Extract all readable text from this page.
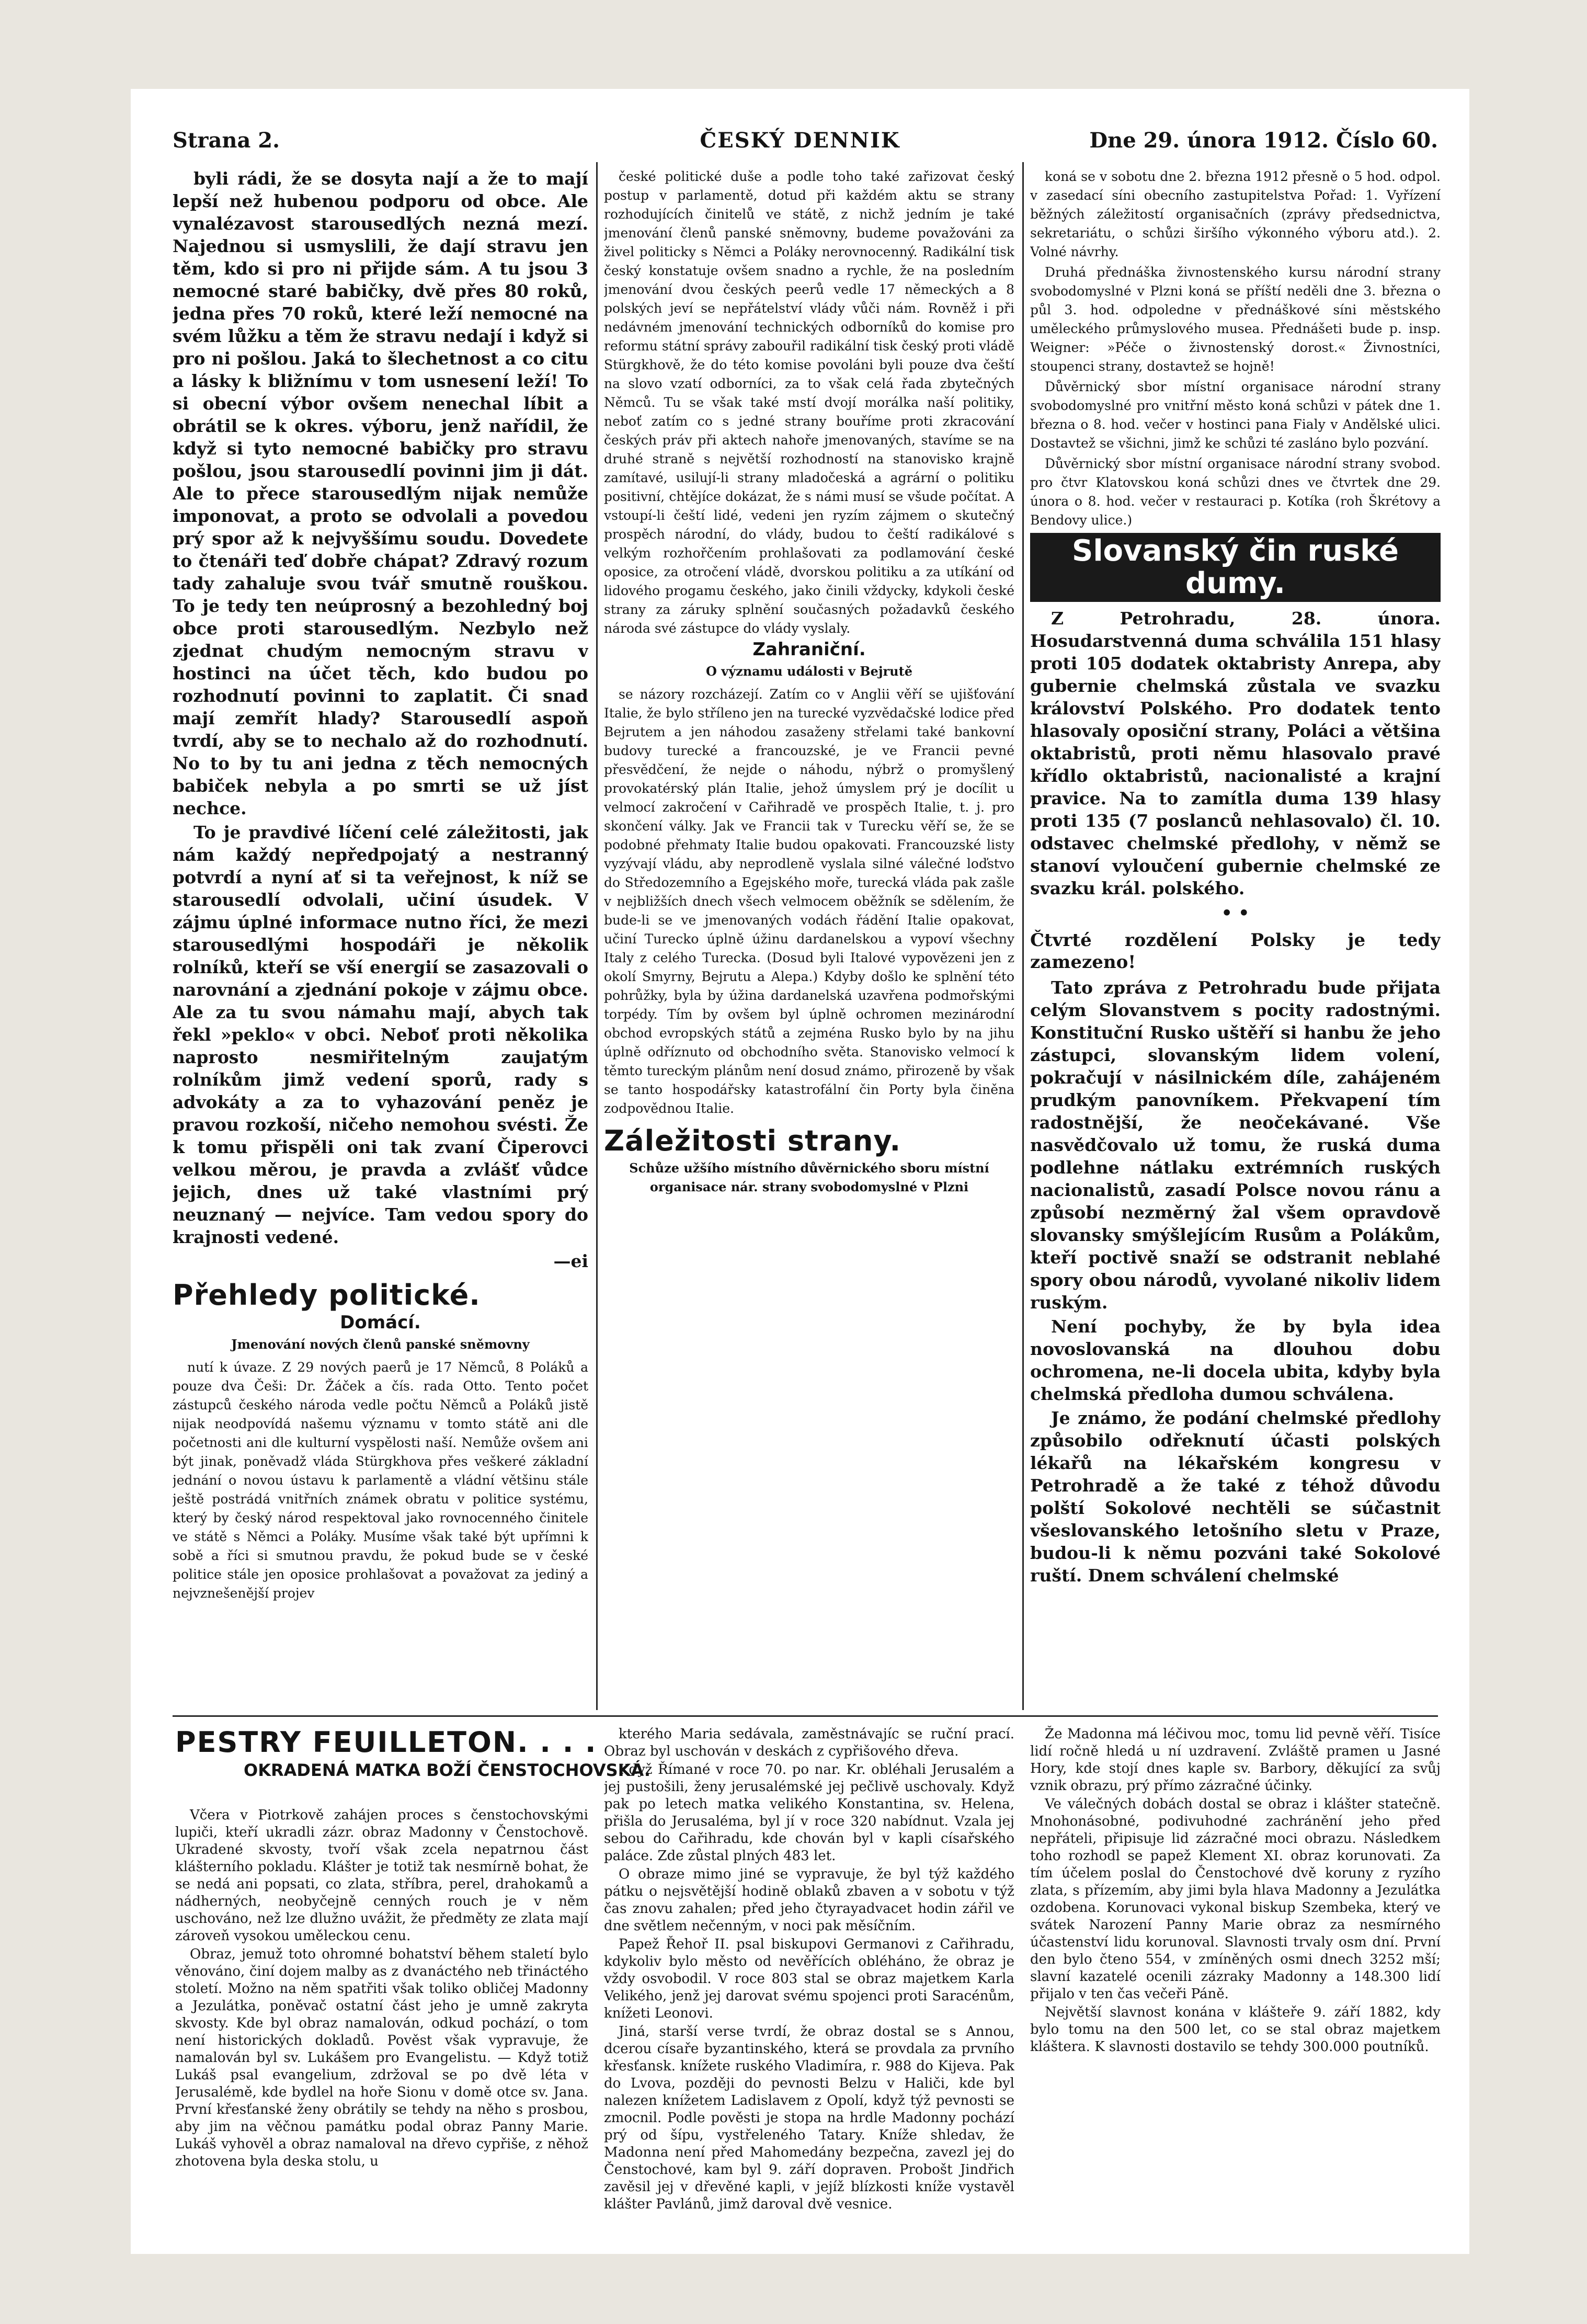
Strana 2.	ČESKÝ DENNIK	Dne 29. února 1912. Číslo 60.

byli rádi, že se dosyta nají a že to mají lepší než hubenou podporu od obce. Ale vynalézavost starousedlých nezná mezí. Najednou si usmyslili, že dají stravu jen těm, kdo si pro ni přijde sám. A tu jsou 3 nemocné staré babičky, dvě přes 80 roků, jedna přes 70 roků, které leží nemocné na svém lůžku a těm že stravu nedají i když si pro ni pošlou. Jaká to šlechetnost a co citu a lásky k bližnímu v tom usnesení leží! To si obecní výbor ovšem nenechal líbit a obrátil se k okres. výboru, jenž nařídil, že když si tyto nemocné babičky pro stravu pošlou, jsou starousedlí povinni jim ji dát. Ale to přece starousedlým nijak nemůže imponovat, a proto se odvolali a povedou prý spor až k nejvyššímu soudu. Dovedete to čtenáři teď dobře chápat? Zdravý rozum tady zahaluje svou tvář smutně rouškou. To je tedy ten neúprosný a bezohledný boj obce proti starousedlým. Nezbylo než zjednat chudým nemocným stravu v hostinci na účet těch, kdo budou po rozhodnutí povinni to zaplatit. Či snad mají zemřít hlady? Starousedlí aspoň tvrdí, aby se to nechalo až do rozhodnutí. No to by tu ani jedna z těch nemocných babiček nebyla a po smrti se už jíst nechce.

To je pravdivé líčení celé záležitosti, jak nám každý nepředpojatý a nestranný potvrdí a nyní ať si ta veřejnost, k níž se starousedlí odvolali, učiní úsudek. V zájmu úplné informace nutno říci, že mezi starousedlými hospodáři je několik rolníků, kteří se vší energií se zasazovali o narovnání a zjednání pokoje v zájmu obce. Ale za tu svou námahu mají, abych tak řekl »peklo« v obci. Neboť proti několika naprosto nesmiřitelným zaujatým rolníkům jimž vedení sporů, rady s advokáty a za to vyhazování peněz je pravou rozkoší, ničeho nemohou svésti. Že k tomu přispěli oni tak zvaní Čiperovci velkou měrou, je pravda a zvlášť vůdce jejich, dnes už také vlastními prý neuznaný — nejvíce. Tam vedou spory do krajnosti vedené.

—ei
Přehledy politické.
Domácí.
Jmenování nových členů panské sněmovny

nutí k úvaze. Z 29 nových paerů je 17 Němců, 8 Poláků a pouze dva Češi: Dr. Žáček a čís. rada Otto. Tento počet zástupců českého národa vedle počtu Němců a Poláků jistě nijak neodpovídá našemu významu v tomto státě ani dle početnosti ani dle kulturní vyspělosti naší. Nemůže ovšem ani být jinak, poněvadž vláda Stürgkhova přes veškeré základní jednání o novou ústavu k parlamentě a vládní většinu stále ještě postrádá vnitřních známek obratu v politice systému, který by český národ respektoval jako rovnocenného činitele ve státě s Němci a Poláky. Musíme však také být upřímni k sobě a říci si smutnou pravdu, že pokud bude se v české politice stále jen oposice prohlašovat a považovat za jediný a nejvznešenější projev

české politické duše a podle toho také zařizovat český postup v parlamentě, dotud při každém aktu se strany rozhodujících činitelů ve státě, z nichž jedním je také jmenování členů panské sněmovny, budeme považováni za živel politicky s Němci a Poláky nerovnocenný. Radikální tisk český konstatuje ovšem snadno a rychle, že na posledním jmenování dvou českých peerů vedle 17 německých a 8 polských jeví se nepřátelství vlády vůči nám. Rovněž i při nedávném jmenování technických odborníků do komise pro reformu státní správy zabouřil radikální tisk český proti vládě Stürgkhově, že do této komise povoláni byli pouze dva čeští na slovo vzatí odborníci, za to však celá řada zbytečných Němců. Tu se však také mstí dvojí morálka naší politiky, neboť zatím co s jedné strany bouříme proti zkracování českých práv při aktech nahoře jmenovaných, stavíme se na druhé straně s největší rozhodností na stanovisko krajně zamítavé, usilují-li strany mladočeská a agrární o politiku positivní, chtějíce dokázat, že s námi musí se všude počítat. A vstoupí-li čeští lidé, vedeni jen ryzím zájmem o skutečný prospěch národní, do vlády, budou to čeští radikálové s velkým rozhořčením prohlašovati za podlamování české oposice, za otročení vládě, dvorskou politiku a za utíkání od lidového progamu českého, jako činili vždycky, kdykoli české strany za záruky splnění současných požadavků českého národa své zástupce do vlády vyslaly.

Zahraniční.
O významu události v Bejrutě

se názory rozcházejí. Zatím co v Anglii věří se ujišťování Italie, že bylo stříleno jen na turecké vyzvědačské lodice před Bejrutem a jen náhodou zasaženy střelami také bankovní budovy turecké a francouzské, je ve Francii pevné přesvědčení, že nejde o náhodu, nýbrž o promyšlený provokatérský plán Italie, jehož úmyslem prý je docílit u velmocí zakročení v Cařihradě ve prospěch Italie, t. j. pro skončení války. Jak ve Francii tak v Turecku věří se, že se podobné přehmaty Italie budou opakovati. Francouzské listy vyzývají vládu, aby neprodleně vyslala silné válečné loďstvo do Středozemního a Egejského moře, turecká vláda pak zašle v nejbližších dnech všech velmocem oběžník se sdělením, že bude-li se ve jmenovaných vodách řádění Italie opakovat, učiní Turecko úplně úžinu dardanelskou a vypoví všechny Italy z celého Turecka. (Dosud byli Italové vypovězeni jen z okolí Smyrny, Bejrutu a Alepa.) Kdyby došlo ke splnění této pohrůžky, byla by úžina dardanelská uzavřena podmořskými torpédy. Tím by ovšem byl úplně ochromen mezinárodní obchod evropských států a zejména Rusko bylo by na jihu úplně odříznuto od obchodního světa. Stanovisko velmocí k těmto tureckým plánům není dosud známo, přirozeně by však se tanto hospodářsky katastrofální čin Porty byla činěna zodpovědnou Italie.

Záležitosti strany.
Schůze užšího místního důvěrnického sboru místní organisace nár. strany svobodomyslné v Plzni

koná se v sobotu dne 2. března 1912 přesně o 5 hod. odpol. v zasedací síni obecního zastupitelstva Pořad: 1. Vyřízení běžných záležitostí organisačních (zprávy předsednictva, sekretariátu, o schůzi širšího výkonného výboru atd.). 2. Volné návrhy.

Druhá přednáška živnostenského kursu národní strany svobodomyslné v Plzni koná se příští neděli dne 3. března o půl 3. hod. odpoledne v přednáškové síni městského uměleckého průmyslového musea. Přednášeti bude p. insp. Weigner: »Péče o živnostenský dorost.« Živnostníci, stoupenci strany, dostavtež se hojně!

Důvěrnický sbor místní organisace národní strany svobodomyslné pro vnitřní město koná schůzi v pátek dne 1. března o 8. hod. večer v hostinci pana Fialy v Andělské ulici. Dostavtež se všichni, jimž ke schůzi té zasláno bylo pozvání.

Důvěrnický sbor místní organisace národní strany svobod. pro čtvr Klatovskou koná schůzi dnes ve čtvrtek dne 29. února o 8. hod. večer v restauraci p. Kotíka (roh Škrétovy a Bendovy ulice.)

Slovanský čin ruské dumy.

Z Petrohradu, 28. února. Hosudarstvenná duma schválila 151 hlasy proti 105 dodatek oktabristy Anrepa, aby gubernie chelmská zůstala ve svazku království Polského. Pro dodatek tento hlasovaly oposiční strany, Poláci a většina oktabristů, proti němu hlasovalo pravé křídlo oktabristů, nacionalisté a krajní pravice. Na to zamítla duma 139 hlasy proti 135 (7 poslanců nehlasovalo) čl. 10. odstavec chelmské předlohy, v němž se stanoví vyloučení gubernie chelmské ze svazku král. polského.

• •
Čtvrté rozdělení Polsky je tedy zamezeno!

Tato zpráva z Petrohradu bude přijata celým Slovanstvem s pocity radostnými. Konstituční Rusko uštěří si hanbu že jeho zástupci, slovanským lidem volení, pokračují v násilnickém díle, zahájeném prudkým panovníkem. Překvapení tím radostnější, že neočekávané. Vše nasvědčovalo už tomu, že ruská duma podlehne nátlaku extrémních ruských nacionalistů, zasadí Polsce novou ránu a způsobí nezměrný žal všem opravdově slovansky smýšlejícím Rusům a Polákům, kteří poctivě snaží se odstranit neblahé spory obou národů, vyvolané nikoliv lidem ruským.

Není pochyby, že by byla idea novoslovanská na dlouhou dobu ochromena, ne-li docela ubita, kdyby byla chelmská předloha dumou schválena.

Je známo, že podání chelmské předlohy způsobilo odřeknutí účasti polských lékařů na lékařském kongresu v Petrohradě a že také z téhož důvodu polští Sokolové nechtěli se súčastnit všeslovanského letošního sletu v Praze, budou-li k němu pozváni také Sokolové ruští. Dnem schválení chelmské

PESTRY FEUILLETON. . . .
OKRADENÁ MATKA BOŽÍ ČENSTOCHOVSKÁ.

Včera v Piotrkově zahájen proces s čenstochovskými lupiči, kteří ukradli zázr. obraz Madonny v Čenstochově. Ukradené skvosty, tvoří však zcela nepatrnou část klášterního pokladu. Klášter je totiž tak nesmírně bohat, že se nedá ani popsati, co zlata, stříbra, perel, drahokamů a nádherných, neobyčejně cenných rouch je v něm uschováno, než lze dlužno uvážit, že předměty ze zlata mají zároveň vysokou uměleckou cenu.

Obraz, jemuž toto ohromné bohatství během staletí bylo věnováno, činí dojem malby as z dvanáctého neb třináctého století. Možno na něm spatřiti však toliko obličej Madonny a Jezulátka, poněvač ostatní část jeho je umně zakryta skvosty. Kde byl obraz namalován, odkud pochází, o tom není historických dokladů. Pověst však vypravuje, že namalován byl sv. Lukášem pro Evangelistu. — Když totiž Lukáš psal evangelium, zdržoval se po dvě léta v Jerusalémě, kde bydlel na hoře Sionu v domě otce sv. Jana. První křesťanské ženy obrátily se tehdy na něho s prosbou, aby jim na věčnou památku podal obraz Panny Marie. Lukáš vyhověl a obraz namaloval na dřevo cypřiše, z něhož zhotovena byla deska stolu, u

kterého Maria sedávala, zaměstnávajíc se ruční prací. Obraz byl uschován v deskách z cypřišového dřeva.

Když Římané v roce 70. po nar. Kr. obléhali Jerusalém a jej pustošili, ženy jerusalémské jej pečlivě uschovaly. Když pak po letech matka velikého Konstantina, sv. Helena, přišla do Jerusaléma, byl jí v roce 320 nabídnut. Vzala jej sebou do Cařihradu, kde chován byl v kapli císařského paláce. Zde zůstal plných 483 let.

O obraze mimo jiné se vypravuje, že byl týž každého pátku o nejsvětější hodině oblaků zbaven a v sobotu v týž čas znovu zahalen; před jeho čtyrayadvacet hodin zářil ve dne světlem nečenným, v noci pak měsíčním.

Papež Řehoř II. psal biskupovi Germanovi z Cařihradu, kdykoliv bylo město od nevěřících obléháno, že obraz je vždy osvobodil. V roce 803 stal se obraz majetkem Karla Velikého, jenž jej darovat svému spojenci proti Saracénům, knížeti Leonovi.

Jiná, starší verse tvrdí, že obraz dostal se s Annou, dcerou císaře byzantinského, která se provdala za prvního křesťansk. knížete ruského Vladimíra, r. 988 do Kijeva. Pak do Lvova, později do pevnosti Belzu v Haliči, kde byl nalezen knížetem Ladislavem z Opolí, když týž pevnosti se zmocnil. Podle pověsti je stopa na hrdle Madonny pochází prý od šípu, vystřeleného Tatary. Kníže shledav, že Madonna není před Mahomedány bezpečna, zavezl jej do Čenstochové, kam byl 9. září dopraven. Probošt Jindřich zavěsil jej v dřevěné kapli, v jejíž blízkosti kníže vystavěl klášter Pavlánů, jimž daroval dvě vesnice.

Že Madonna má léčivou moc, tomu lid pevně věří. Tisíce lidí ročně hledá u ní uzdravení. Zvláště pramen u Jasné Hory, kde stojí dnes kaple sv. Barbory, děkující za svůj vznik obrazu, prý přímo zázračné účinky.

Ve válečných dobách dostal se obraz i klášter statečně. Mnohonásobné, podivuhodné zachránění jeho před nepřáteli, připisuje lid zázračné moci obrazu. Následkem toho rozhodl se papež Klement XI. obraz korunovati. Za tím účelem poslal do Čenstochové dvě koruny z ryzího zlata, s přízemím, aby jimi byla hlava Madonny a Jezulátka ozdobena. Korunovaci vykonal biskup Szembeka, který ve svátek Narození Panny Marie obraz za nesmírného účastenství lidu korunoval. Slavnosti trvaly osm dní. První den bylo čteno 554, v zmíněných osmi dnech 3252 mší; slavní kazatelé ocenili zázraky Madonny a 148.300 lidí přijalo v ten čas večeři Páně.

Největší slavnost konána v klášteře 9. září 1882, kdy bylo tomu na den 500 let, co se stal obraz majetkem kláštera. K slavnosti dostavilo se tehdy 300.000 poutníků.
